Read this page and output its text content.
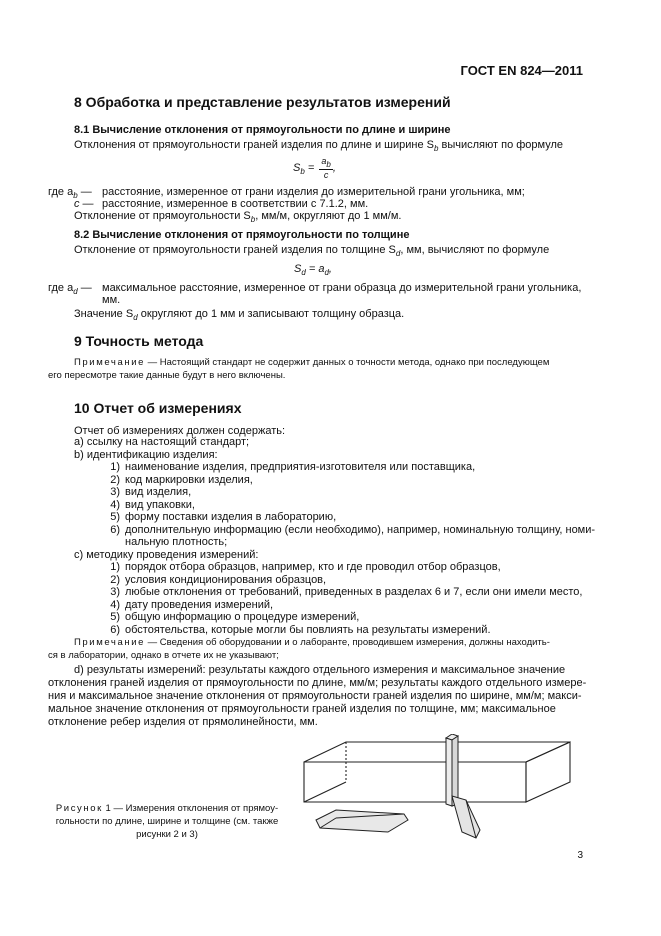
ГОСТ EN 824—2011
8 Обработка и представление результатов измерений
8.1 Вычисление отклонения от прямоугольности по длине и ширине
Отклонения от прямоугольности граней изделия по длине и ширине $S_b$ вычисляют по формуле
$S_b = \frac{a_b}{c}$ ,
где $a_b$ — расстояние, измеренное от грани изделия до измерительной грани угольника, мм;
c — расстояние, измеренное в соответствии с 7.1.2, мм.
Отклонение от прямоугольности $S_b$, мм/м, округляют до 1 мм/м.
8.2 Вычисление отклонения от прямоугольности по толщине
Отклонение от прямоугольности граней изделия по толщине $S_d$, мм, вычисляют по формуле
$S_d = a_d$,
где $a_d$ — максимальное расстояние, измеренное от грани образца до измерительной грани угольника,
мм.
Значение $S_d$ округляют до 1 мм и записывают толщину образца.
9 Точность метода
Примечание — Настоящий стандарт не содержит данных о точности метода, однако при последующем
его пересмотре такие данные будут в него включены.
10 Отчет об измерениях
Отчет об измерениях должен содержать:
a) ссылку на настоящий стандарт;
b) идентификацию изделия:
1) наименование изделия, предприятия-изготовителя или поставщика,
2) код маркировки изделия,
3) вид изделия,
4) вид упаковки,
5) форму поставки изделия в лабораторию,
6) дополнительную информацию (если необходимо), например, номинальную толщину, номи-
нальную плотность;
c) методику проведения измерений:
1) порядок отбора образцов, например, кто и где проводил отбор образцов,
2) условия кондиционирования образцов,
3) любые отклонения от требований, приведенных в разделах 6 и 7, если они имели место,
4) дату проведения измерений,
5) общую информацию о процедуре измерений,
6) обстоятельства, которые могли бы повлиять на результаты измерений.
Примечание — Сведения об оборудовании и о лаборанте, проводившем измерения, должны находить-
ся в лаборатории, однако в отчете их не указывают;
d) результаты измерений: результаты каждого отдельного измерения и максимальное значение
отклонения граней изделия от прямоугольности по длине, мм/м; результаты каждого отдельного измере-
ния и максимальное значение отклонения от прямоугольности граней изделия по ширине, мм/м; макси-
мальное значение отклонения от прямоугольности граней изделия по толщине, мм; максимальное
отклонение ребер изделия от прямолинейности, мм.
Рисунок 1 — Измерения отклонения от прямоу-
гольности по длине, ширине и толщине (см. также
рисунки 2 и 3)
3
